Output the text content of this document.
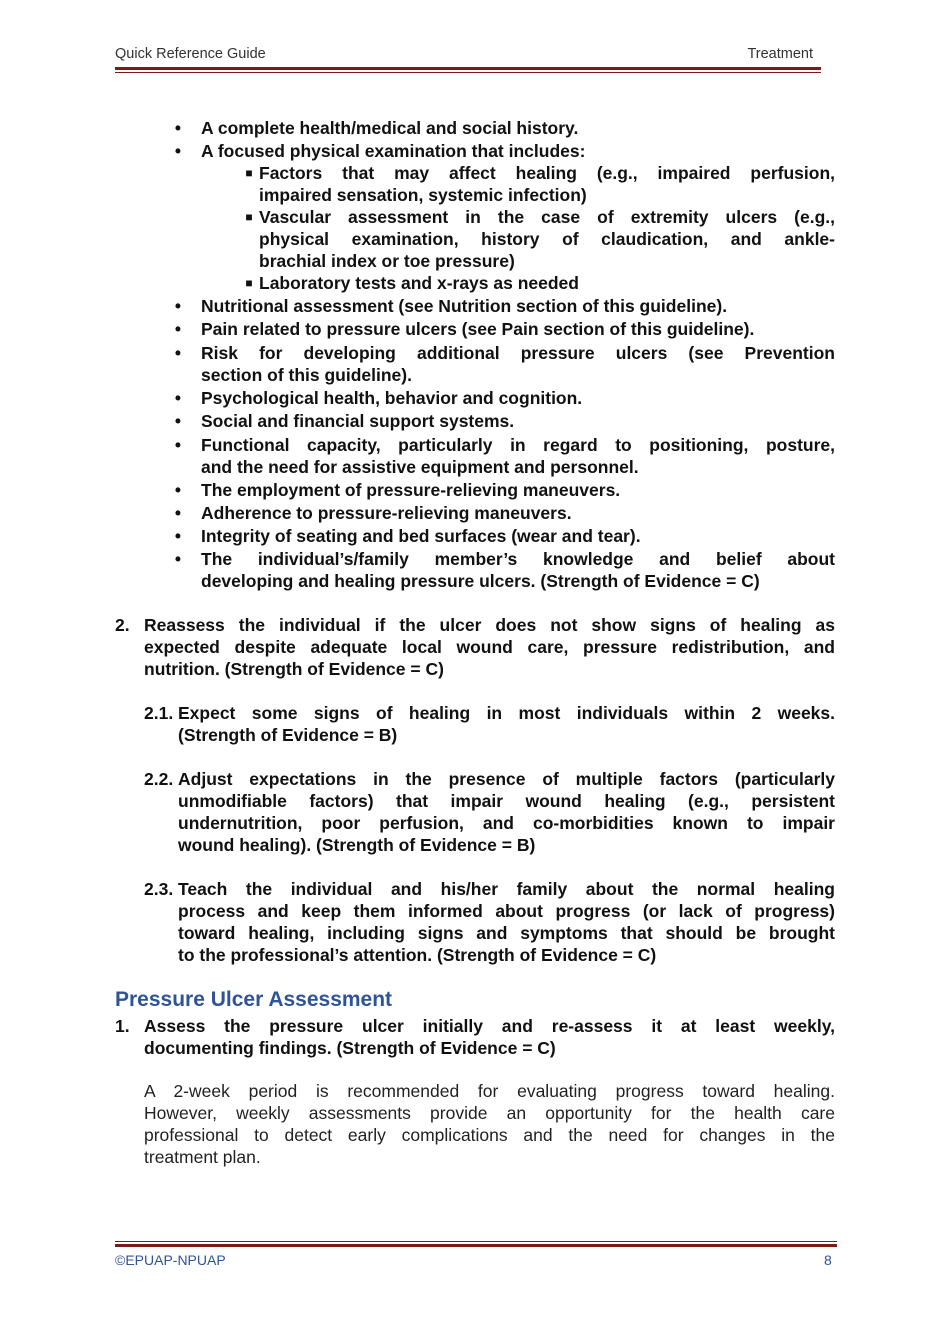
Quick Reference Guide	Treatment
• A complete health/medical and social history.
• A focused physical examination that includes:
■ Factors that may affect healing (e.g., impaired perfusion,
impaired sensation, systemic infection)
■ Vascular assessment in the case of extremity ulcers (e.g.,
physical examination, history of claudication, and ankle-
brachial index or toe pressure)
■ Laboratory tests and x-rays as needed
• Nutritional assessment (see Nutrition section of this guideline).
• Pain related to pressure ulcers (see Pain section of this guideline).
• Risk for developing additional pressure ulcers (see Prevention
section of this guideline).
• Psychological health, behavior and cognition.
• Social and financial support systems.
• Functional capacity, particularly in regard to positioning, posture,
and the need for assistive equipment and personnel.
• The employment of pressure-relieving maneuvers.
• Adherence to pressure-relieving maneuvers.
• Integrity of seating and bed surfaces (wear and tear).
• The individual’s/family member’s knowledge and belief about
developing and healing pressure ulcers. (Strength of Evidence = C)
2. Reassess the individual if the ulcer does not show signs of healing as
expected despite adequate local wound care, pressure redistribution, and
nutrition. (Strength of Evidence = C)
2.1. Expect some signs of healing in most individuals within 2 weeks.
(Strength of Evidence = B)
2.2. Adjust expectations in the presence of multiple factors (particularly
unmodifiable factors) that impair wound healing (e.g., persistent
undernutrition, poor perfusion, and co-morbidities known to impair
wound healing). (Strength of Evidence = B)
2.3. Teach the individual and his/her family about the normal healing
process and keep them informed about progress (or lack of progress)
toward healing, including signs and symptoms that should be brought
to the professional’s attention. (Strength of Evidence = C)
Pressure Ulcer Assessment
1. Assess the pressure ulcer initially and re-assess it at least weekly,
documenting findings. (Strength of Evidence = C)
A 2-week period is recommended for evaluating progress toward healing.
However, weekly assessments provide an opportunity for the health care
professional to detect early complications and the need for changes in the
treatment plan.
©EPUAP-NPUAP	8
